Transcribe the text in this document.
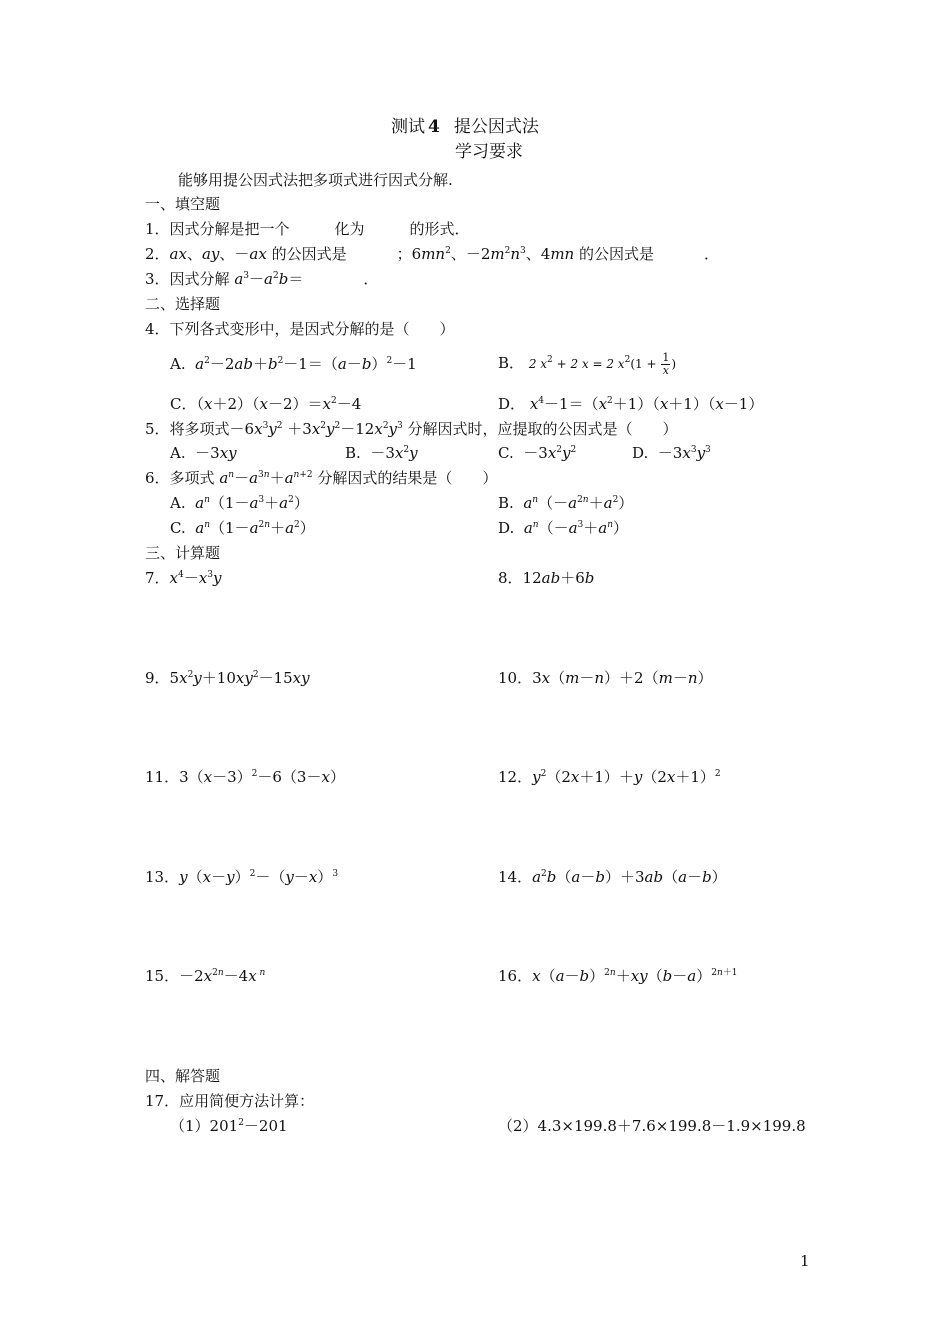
测试 4 提公因式法
学习要求
能够用提公因式法把多项式进行因式分解.
一、填空题
1．因式分解是把一个　　　化为　　　的形式．
2．ax、ay、－ax 的公因式是	；$6mn^2$、$-2m^2n^3$、4mn 的公因式是	．
3．因式分解 $a^3-a^2b=$　　　　．
二、选择题
4．下列各式变形中，是因式分解的是（　　）
A. $a^2-2ab+b^2-1=(a-b)^2-1$	B． 2 $x^2 + 2$ x = 2 $x^2(1 + \frac{1}{x}$ )
C．$(x+2)(x-2)=x^2-4$	D． $x^4-1=(x^2+1)(x+1)(x-1)$
5．将多项式$-6x^3y^2 +3x^2y^2-12x^2y^3$ 分解因式时，应提取的公因式是（　　）
A.  －3xy	B.  $-3x^2y$	C.  $-3x^2y^2$	D.  $-3x^3y^3$
6．多项式 $a^n-a^{3n}+a^{n+2}$ 分解因式的结果是（　　）
A. $a^n(1-a^3+a^2)$	B. $a^n(-a^{2n}+a^2)$
C. $a^n(1-a^{2n}+a^2)$	D. $a^n(-a^3+a^n)$
三、计算题
7．$x^4-x^3y$	8．12ab＋6b
9．$5x^2y+10xy^2-15xy$	10．3x（m－n）＋2（m－n）
11．$3(x-3)^2-6(3-x)$	12．$y^2(2x+1)+y(2x+1)^2$
13．$y(x-y)^2-(y-x)^3$	14．$a^2b(a-b)+3ab(a-b)$
15．$-2x^{2n}-4x$ $^n$	16．$x(a-b)^{2n}+xy(b-a)^{2n+1}$
四、解答题
17．应用简便方法计算：
$(1)201^2-201$	（2）4.3×199.8＋7.6×199.8－1.9×199.8
1
